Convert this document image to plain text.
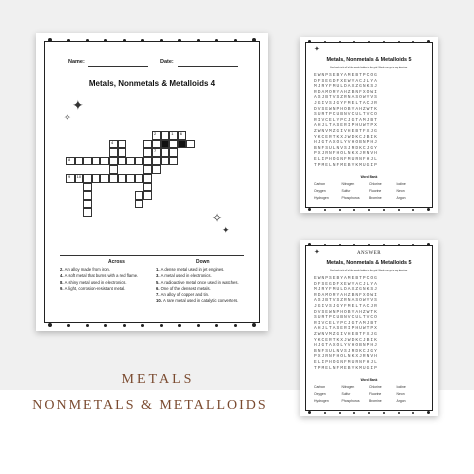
Name:	Date:
Metals, Nonmetals & Metalloids 4
✦
✧
✧
✦
2	1 6
3
4
7
8
9 10
Across	Down
2. An alloy made from iron.
4. A soft metal that burns with a red flame.
8. A shiny metal used in electronics.
9. A light, corrosion-resistant metal.
1. A dense metal used in jet engines.
3. A metal used in electronics.
5. A radioactive metal once used in watches.
6. One of the densest metals.
7. An alloy of copper and tin.
10. A rare metal used in catalytic converters.
✦
Metals, Nonmetals & Metalloids 5
Find and circle all of the words hidden in the grid. Words can go in any direction.
EWNPSEBYAMEBTPCOG
DFSEGDFXEWYACJLYA
MJRYFMULDAXZGNKSJ
RDAMORYAHZBNFXOWI
ASJBTVSZRNASOWYVS
JGIVSJGYFMELTACJR
DVSEWNPHOBYAHZWTK
SURTPCUBNVCULTVCO
RIVCELYPCJGTAMJBT
AHJLTASERIPHUWTPX
ZWNVMZGIVHEBTFXJG
YKCERTKXJWDKCJBIK
HJGTAXOLYVHOBNPHJ
BNFSULNVSJRDKCJGY
PXJRNFHOLNKXJRNVH
ELIPHOGNFMURNFHJL
TPMELNFMEBYKMUGIP
Word Bank
Carbon	Nitrogen	Chlorine	Iodine
Oxygen	Sulfur	Fluorine	Neon
Hydrogen	Phosphorus	Bromine	Argon
✦	ANSWER
Metals, Nonmetals & Metalloids 5
Find and circle all of the words hidden in the grid. Words can go in any direction.
EWNPSEBYAMEBTPCOG
DFSEGDFXEWYACJLYA
MJRYFMULDAXZGNKSJ
RDAMORYAHZBNFXOWI
ASJBTVSZRNASOWYVS
JGIVSJGYFMELTACJR
DVSEWNPHOBYAHZWTK
SURTPCUBNVCULTVCO
RIVCELYPCJGTAMJBT
AHJLTASERIPHUWTPX
ZWNVMZGIVHEBTFXJG
YKCERTKXJWDKCJBIK
HJGTAXOLYVHOBNPHJ
BNFSULNVSJRDKCJGY
PXJRNFHOLNKXJRNVH
ELIPHOGNFMURNFHJL
TPMELNFMEBYKMUGIP
Word Bank
Carbon	Nitrogen	Chlorine	Iodine
Oxygen	Sulfur	Fluorine	Neon
Hydrogen	Phosphorus	Bromine	Argon
METALS
NONMETALS & METALLOIDS
